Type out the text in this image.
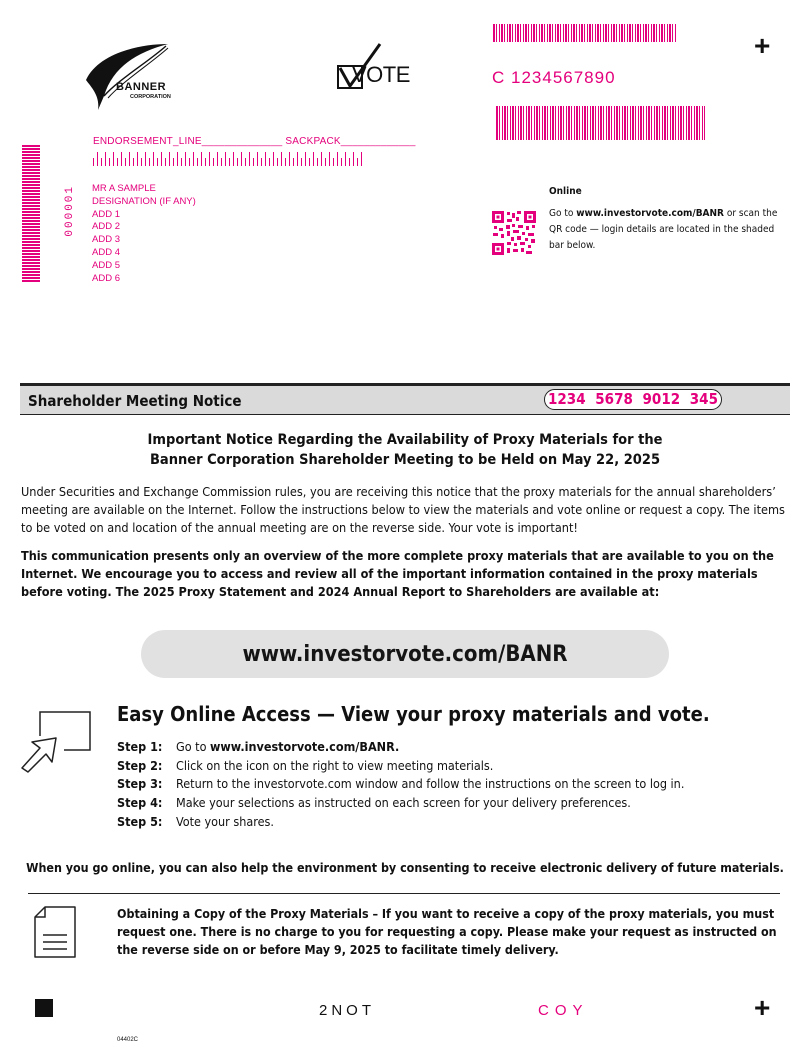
BANNER
CORPORATION
VOTE	C 1234567890
+
ENDORSEMENT_LINE______________ SACKPACK_____________
000001 MR A SAMPLE
DESIGNATION (IF ANY)
ADD 1
ADD 2
ADD 3
ADD 4
ADD 5
ADD 6
Online
Go to www.investorvote.com/BANR or scan the QR code — login details are located in the shaded bar below.
Shareholder Meeting Notice	1234 5678 9012 345
Important Notice Regarding the Availability of Proxy Materials for the
Banner Corporation Shareholder Meeting to be Held on May 22, 2025
Under Securities and Exchange Commission rules, you are receiving this notice that the proxy materials for the annual shareholders’ meeting are available on the Internet. Follow the instructions below to view the materials and vote online or request a copy. The items to be voted on and location of the annual meeting are on the reverse side. Your vote is important!
This communication presents only an overview of the more complete proxy materials that are available to you on the Internet. We encourage you to access and review all of the important information contained in the proxy materials before voting. The 2025 Proxy Statement and 2024 Annual Report to Shareholders are available at:
www.investorvote.com/BANR
Easy Online Access — View your proxy materials and vote.
Step 1: Go to www.investorvote.com/BANR.
Step 2: Click on the icon on the right to view meeting materials.
Step 3: Return to the investorvote.com window and follow the instructions on the screen to log in.
Step 4: Make your selections as instructed on each screen for your delivery preferences.
Step 5: Vote your shares.
When you go online, you can also help the environment by consenting to receive electronic delivery of future materials.
Obtaining a Copy of the Proxy Materials – If you want to receive a copy of the proxy materials, you must request one. There is no charge to you for requesting a copy. Please make your request as instructed on the reverse side on or before May 9, 2025 to facilitate timely delivery.
2NOT	COY	+
04402C
